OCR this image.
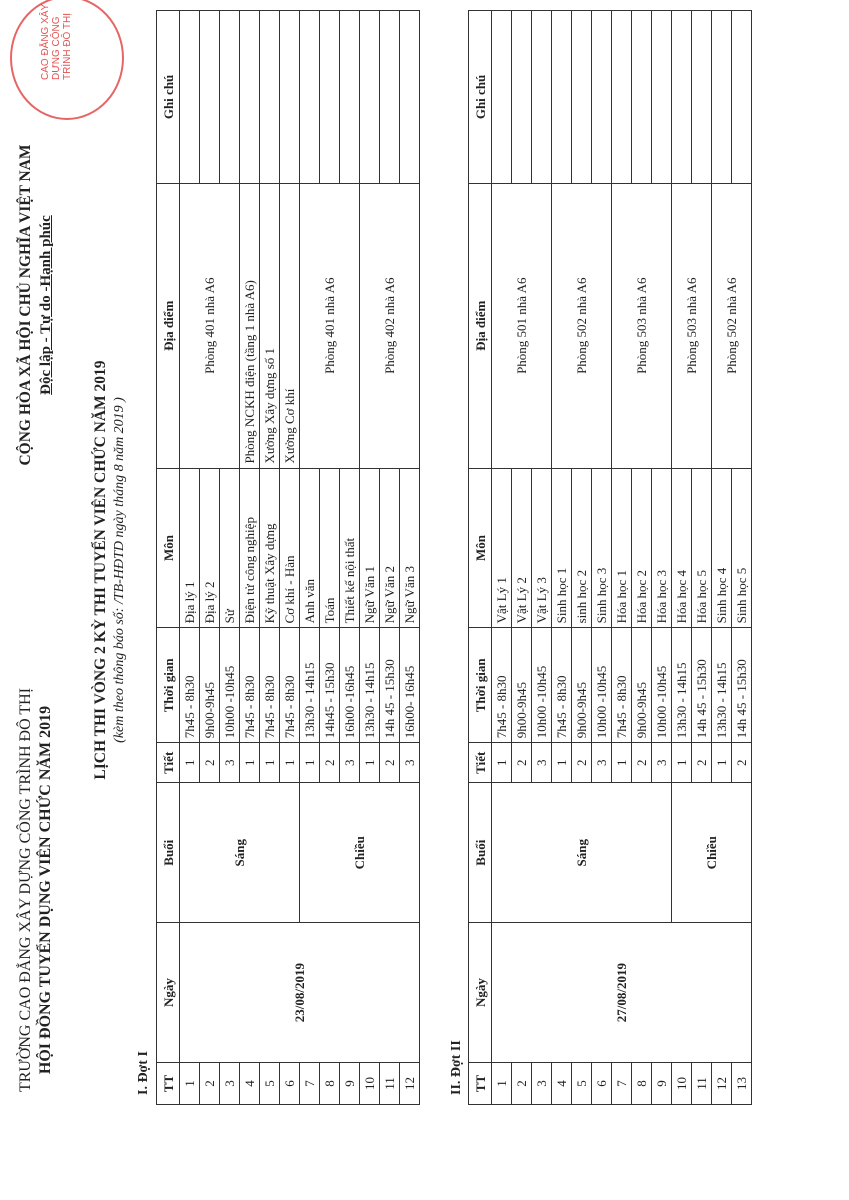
CAO ĐẲNG XÂY DỰNG CÔNG TRÌNH ĐÔ THỊ
TRƯỜNG CAO ĐẲNG XÂY DỰNG CÔNG TRÌNH ĐÔ THỊ HỘI ĐỒNG TUYỂN DỤNG VIÊN CHỨC NĂM 2019
CỘNG HÒA XÃ HỘI CHỦ NGHĨA VIỆT NAM Độc lập - Tự do -Hạnh phúc
LỊCH THI VÒNG 2 KỲ THI TUYỂN VIÊN CHỨC NĂM 2019 (kèm theo thông báo số: /TB-HĐTD ngày tháng 8 năm 2019 )
I. Đợt I TT	Ngày	Buổi	Tiết	Thời gian	Môn	Địa điểm	Ghi chú
1	23/08/2019	Sáng	1	7h45 - 8h30	Địa lý 1	Phòng 401 nhà A6	
2			2	9h00-9h45	Địa lý 2		
3			3	10h00 -10h45	Sử		
4			1	7h45 - 8h30	Điện tử công nghiệp	Phòng NCKH điện (tầng 1 nhà A6)	
5			1	7h45 - 8h30	Kỹ thuật Xây dựng	Xưởng Xây dựng số 1	
6			1	7h45 - 8h30	Cơ khí - Hàn	Xưởng Cơ khí	
7		Chiều	1	13h30 - 14h15	Anh văn	Phòng 401 nhà A6	
8			2	14h45 - 15h30	Toán		
9			3	16h00 -16h45	Thiết kế nội thất		
10			1	13h30 - 14h15	Ngữ Văn 1	Phòng 402 nhà A6	
11			2	14h 45 - 15h30	Ngữ Văn 2		
12			3	16h00- 16h45	Ngữ Văn 3		
II. Đợt II TT	Ngày	Buổi	Tiết	Thời gian	Môn	Địa điểm	Ghi chú
1	27/08/2019	Sáng	1	7h45 - 8h30	Vật Lý 1	Phòng 501 nhà A6	
2			2	9h00-9h45	Vật Lý 2		
3			3	10h00 -10h45	Vật Lý 3		
4			1	7h45 - 8h30	Sinh học 1	Phòng 502 nhà A6	
5			2	9h00-9h45	sinh học 2		
6			3	10h00 -10h45	Sinh học 3		
7			1	7h45 - 8h30	Hóa học 1	Phòng 503 nhà A6	
8			2	9h00-9h45	Hóa học 2		
9			3	10h00 -10h45	Hóa học 3		
10		Chiều	1	13h30 - 14h15	Hóa học 4	Phòng 503 nhà A6	
11			2	14h 45 - 15h30	Hóa học 5		
12			1	13h30 - 14h15	Sinh học 4	Phòng 502 nhà A6	
13			2	14h 45 - 15h30	Sinh học 5		
